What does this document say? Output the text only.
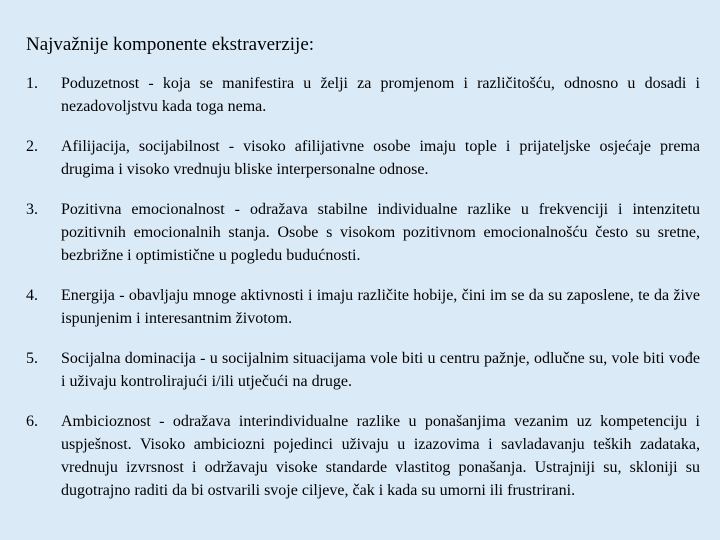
Najvažnije komponente ekstraverzije:
1.	Poduzetnost - koja se manifestira u želji za promjenom i različitošću, odnosno u dosadi i nezadovoljstvu kada toga nema.
2.	Afilijacija, socijabilnost - visoko afilijativne osobe imaju tople i prijateljske osjećaje prema drugima i visoko vrednuju bliske interpersonalne odnose.
3.	Pozitivna emocionalnost - odražava stabilne individualne razlike u frekvenciji i intenzitetu pozitivnih emocionalnih stanja. Osobe s visokom pozitivnom emocionalnošću često su sretne, bezbrižne i optimistične u pogledu budućnosti.
4.	Energija - obavljaju mnoge aktivnosti i imaju različite hobije, čini im se da su zaposlene, te da žive ispunjenim i interesantnim životom.
5.	Socijalna dominacija - u socijalnim situacijama vole biti u centru pažnje, odlučne su, vole biti vođe i uživaju kontrolirajući i/ili utječući na druge.
6.	Ambicioznost - odražava interindividualne razlike u ponašanjima vezanim uz kompetenciju i uspješnost. Visoko ambiciozni pojedinci uživaju u izazovima i savladavanju teških zadataka, vrednuju izvrsnost i održavaju visoke standarde vlastitog ponašanja. Ustrajniji su, skloniji su dugotrajno raditi da bi ostvarili svoje ciljeve, čak i kada su umorni ili frustrirani.
